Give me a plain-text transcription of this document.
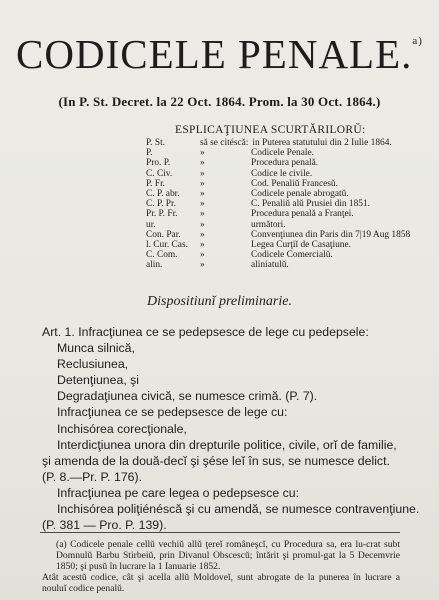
CODICELE PENALE.$^{a)}$
(In P. St. Decret. la 22 Oct. 1864. Prom. la 30 Oct. 1864.)
ESPLICAŢIUNEA SCURTĂRILORŬ:
P. St.	să se citéscă: in Puterea statutului din 2 Iulie 1864.
P.	»	Codicele Penale.
Pro. P.	»	Procedura penală.
C. Civ.	»	Codice le civile.
P. Fr.	»	Cod. Penaliǔ Francesǔ.
C. P. abr.	»	Codicele penale abrogatǔ.
C. P. Pr.	»	C. Penaliǔ alǔ Prusiei din 1851.
Pr. P. Fr.	»	Procedura penală a Franţei.
ur.	»	următori.
Con. Par.	»	Convenţiunea din Paris din 7|19 Aug 1858
l. Cur. Cas.	»	Legea Curţiĭ de Casaţiune.
C. Com.	»	Codicele Comercialǔ.
alin.	»	aliniatulǔ.
Dispositiunĭ preliminarie.
Art. 1. Infracţiunea ce se pedepsesce de lege cu pedepsele:
Munca silnică,
Reclusiunea,
Detenţiunea, şi
Degradaţiunea civică, se numesce crimă. (P. 7).
Infracţiunea ce se pedepsesce de lege cu:
Inchisórea corecţionale,
Interdicţiunea unora din drepturile politice, civile, orĭ de familie,
şi amenda de la două-decĭ şi şése leĭ în sus, se numesce delict.
(P. 8.—Pr. P. 176).
Infracţiunea pe care legea o pedepsesce cu:
Inchisórea poliţiénéscă şi cu amendă, se numesce contravenţiune.
(P. 381 — Pro. P. 139).
(a) Codicele penale cellŭ vechiŭ allŭ ţereĭ româneşcĭ, cu Procedura sa, era lu-crat subt Domnulŭ Barbu Stirbeiŭ, prin Divanul Obscescŭ; întărit şi promul-gat la 5 Decemvrie 1850; şi pusŭ în lucrare la 1 Ianuarie 1852.
Atât acestŭ codice, cât şi acella allŭ Moldoveĭ, sunt abrogate de la punerea în lucrare a nouluĭ codice penalŭ.
